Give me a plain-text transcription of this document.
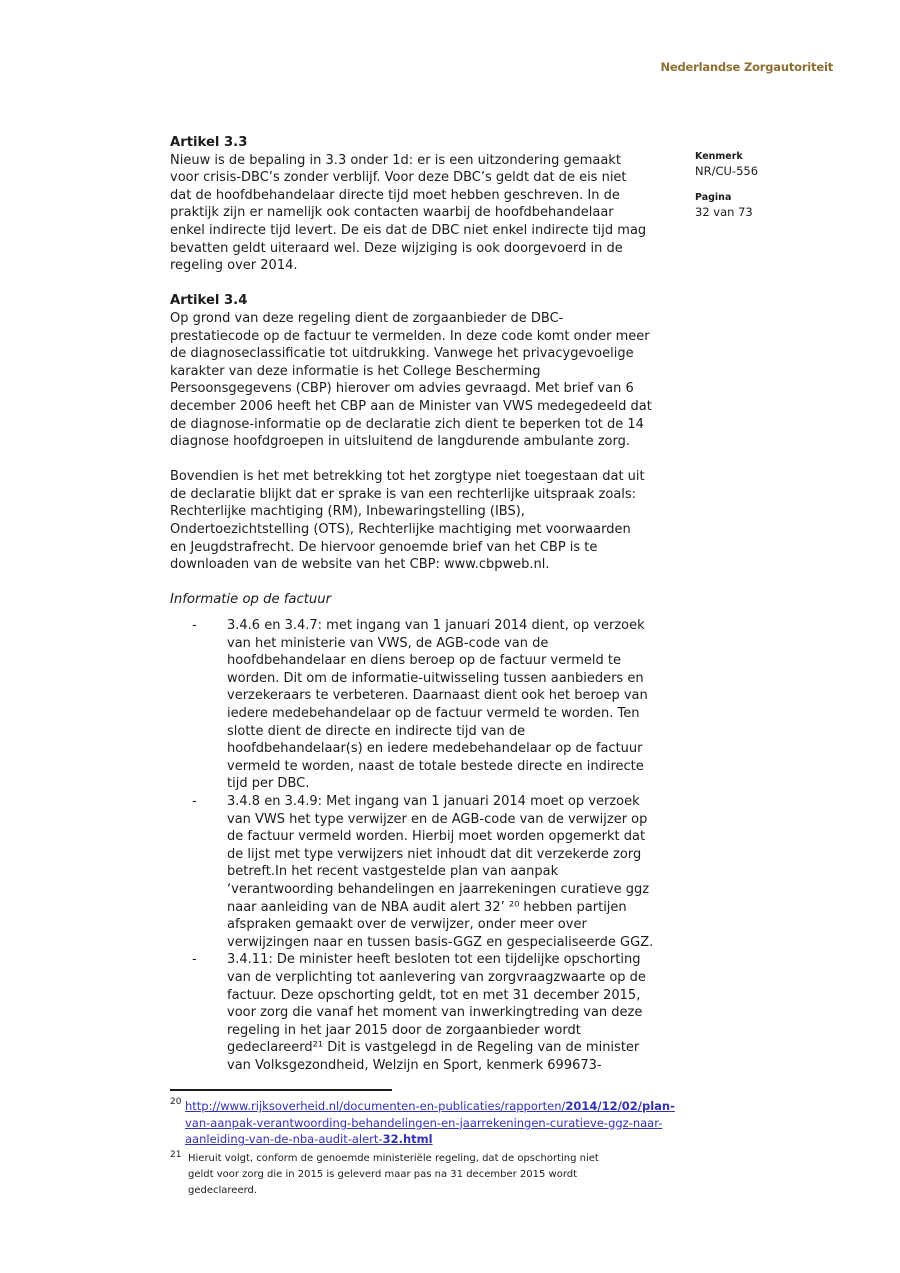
Nederlandse Zorgautoriteit
Kenmerk
NR/CU-556
Pagina
32 van 73
Artikel 3.3
Nieuw is de bepaling in 3.3 onder 1d: er is een uitzondering gemaakt
voor crisis-DBC’s zonder verblijf. Voor deze DBC’s geldt dat de eis niet
dat de hoofdbehandelaar directe tijd moet hebben geschreven. In de
praktijk zijn er namelijk ook contacten waarbij de hoofdbehandelaar
enkel indirecte tijd levert. De eis dat de DBC niet enkel indirecte tijd mag
bevatten geldt uiteraard wel. Deze wijziging is ook doorgevoerd in de
regeling over 2014.
Artikel 3.4
Op grond van deze regeling dient de zorgaanbieder de DBC-
prestatiecode op de factuur te vermelden. In deze code komt onder meer
de diagnoseclassificatie tot uitdrukking. Vanwege het privacygevoelige
karakter van deze informatie is het College Bescherming
Persoonsgegevens (CBP) hierover om advies gevraagd. Met brief van 6
december 2006 heeft het CBP aan de Minister van VWS medegedeeld dat
de diagnose-informatie op de declaratie zich dient te beperken tot de 14
diagnose hoofdgroepen in uitsluitend de langdurende ambulante zorg.
Bovendien is het met betrekking tot het zorgtype niet toegestaan dat uit
de declaratie blijkt dat er sprake is van een rechterlijke uitspraak zoals:
Rechterlijke machtiging (RM), Inbewaringstelling (IBS),
Ondertoezichtstelling (OTS), Rechterlijke machtiging met voorwaarden
en Jeugdstrafrecht. De hiervoor genoemde brief van het CBP is te
downloaden van de website van het CBP: www.cbpweb.nl.
Informatie op de factuur
-	3.4.6 en 3.4.7: met ingang van 1 januari 2014 dient, op verzoek
van het ministerie van VWS, de AGB-code van de
hoofdbehandelaar en diens beroep op de factuur vermeld te
worden. Dit om de informatie-uitwisseling tussen aanbieders en
verzekeraars te verbeteren. Daarnaast dient ook het beroep van
iedere medebehandelaar op de factuur vermeld te worden. Ten
slotte dient de directe en indirecte tijd van de
hoofdbehandelaar(s) en iedere medebehandelaar op de factuur
vermeld te worden, naast de totale bestede directe en indirecte
tijd per DBC.
-	3.4.8 en 3.4.9: Met ingang van 1 januari 2014 moet op verzoek
van VWS het type verwijzer en de AGB-code van de verwijzer op
de factuur vermeld worden. Hierbij moet worden opgemerkt dat
de lijst met type verwijzers niet inhoudt dat dit verzekerde zorg
betreft.In het recent vastgestelde plan van aanpak
‘verantwoording behandelingen en jaarrekeningen curatieve ggz
naar aanleiding van de NBA audit alert 32’ ²⁰ hebben partijen
afspraken gemaakt over de verwijzer, onder meer over
verwijzingen naar en tussen basis-GGZ en gespecialiseerde GGZ.
-	3.4.11: De minister heeft besloten tot een tijdelijke opschorting
van de verplichting tot aanlevering van zorgvraagzwaarte op de
factuur. Deze opschorting geldt, tot en met 31 december 2015,
voor zorg die vanaf het moment van inwerkingtreding van deze
regeling in het jaar 2015 door de zorgaanbieder wordt
gedeclareerd²¹ Dit is vastgelegd in de Regeling van de minister
van Volksgezondheid, Welzijn en Sport, kenmerk 699673-
20 http://www.rijksoverheid.nl/documenten-en-publicaties/rapporten/2014/12/02/plan-
van-aanpak-verantwoording-behandelingen-en-jaarrekeningen-curatieve-ggz-naar-
aanleiding-van-de-nba-audit-alert-32.html
21 Hieruit volgt, conform de genoemde ministeriële regeling, dat de opschorting niet
geldt voor zorg die in 2015 is geleverd maar pas na 31 december 2015 wordt
gedeclareerd.
